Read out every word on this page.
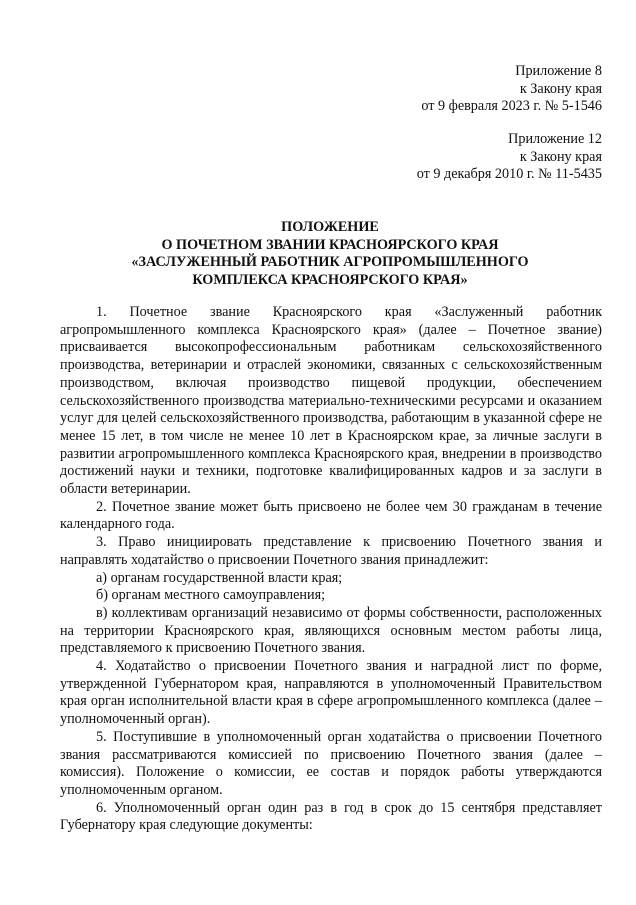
Приложение 8
к Закону края
от 9 февраля 2023 г. № 5-1546
Приложение 12
к Закону края
от 9 декабря 2010 г. № 11-5435
ПОЛОЖЕНИЕ
О ПОЧЕТНОМ ЗВАНИИ КРАСНОЯРСКОГО КРАЯ
«ЗАСЛУЖЕННЫЙ РАБОТНИК АГРОПРОМЫШЛЕННОГО
КОМПЛЕКСА КРАСНОЯРСКОГО КРАЯ»

1. Почетное звание Красноярского края «Заслуженный работник агропромышленного комплекса Красноярского края» (далее – Почетное звание) присваивается высокопрофессиональным работникам сельскохозяйственного производства, ветеринарии и отраслей экономики, связанных с сельскохозяйственным производством, включая производство пищевой продукции, обеспечением сельскохозяйственного производства материально-техническими ресурсами и оказанием услуг для целей сельскохозяйственного производства, работающим в указанной сфере не менее 15 лет, в том числе не менее 10 лет в Красноярском крае, за личные заслуги в развитии агропромышленного комплекса Красноярского края, внедрении в производство достижений науки и техники, подготовке квалифицированных кадров и за заслуги в области ветеринарии.

2. Почетное звание может быть присвоено не более чем 30 гражданам в течение календарного года.

3. Право инициировать представление к присвоению Почетного звания и направлять ходатайство о присвоении Почетного звания принадлежит:

а) органам государственной власти края;

б) органам местного самоуправления;

в) коллективам организаций независимо от формы собственности, расположенных на территории Красноярского края, являющихся основным местом работы лица, представляемого к присвоению Почетного звания.

4. Ходатайство о присвоении Почетного звания и наградной лист по форме, утвержденной Губернатором края, направляются в уполномоченный Правительством края орган исполнительной власти края в сфере агропромышленного комплекса (далее – уполномоченный орган).

5. Поступившие в уполномоченный орган ходатайства о присвоении Почетного звания рассматриваются комиссией по присвоению Почетного звания (далее – комиссия). Положение о комиссии, ее состав и порядок работы утверждаются уполномоченным органом.

6. Уполномоченный орган один раз в год в срок до 15 сентября представляет Губернатору края следующие документы:
